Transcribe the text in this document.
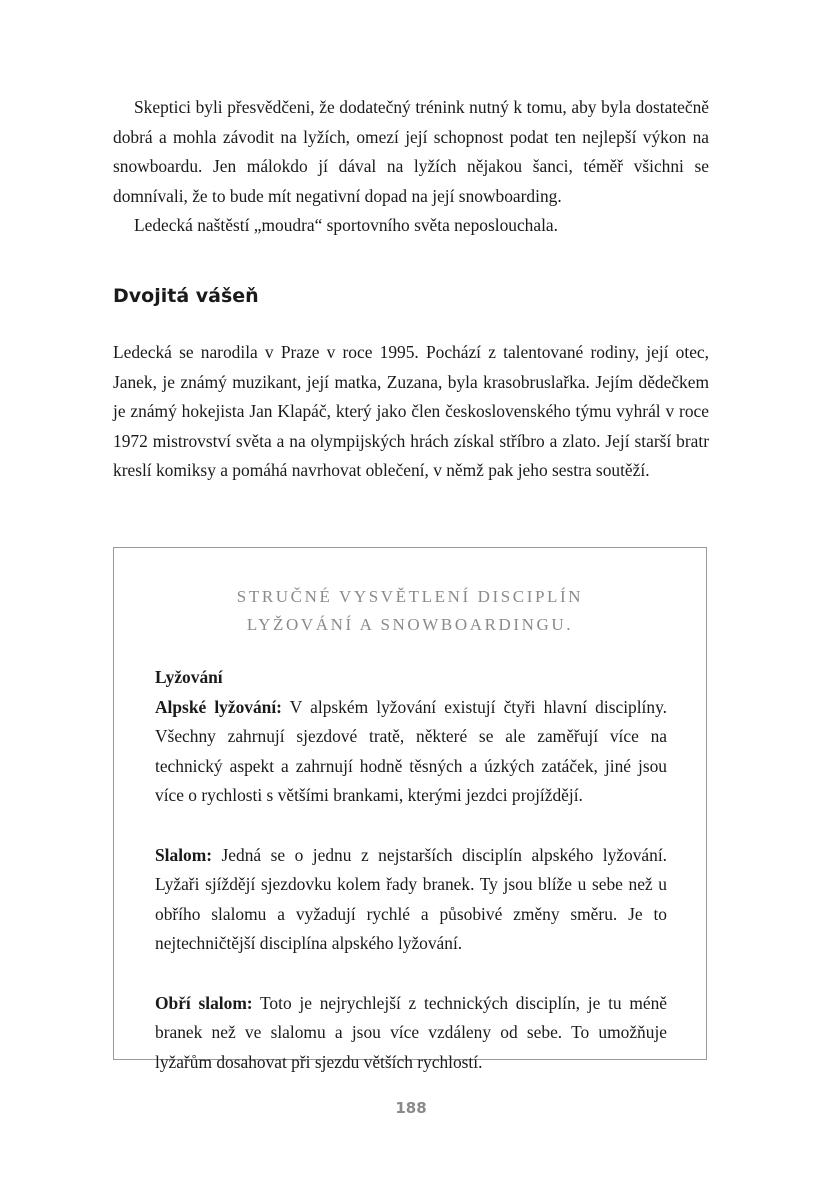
Skeptici byli přesvědčeni, že dodatečný trénink nutný k tomu, aby byla dostatečně dobrá a mohla závodit na lyžích, omezí její schopnost podat ten nejlepší výkon na snowboardu. Jen málokdo jí dával na lyžích nějakou šanci, téměř všichni se domnívali, že to bude mít negativní dopad na její snowboarding.

Ledecká naštěstí „moudra“ sportovního světa neposlouchala.

Dvojitá vášeň

Ledecká se narodila v Praze v roce 1995. Pochází z talentované rodiny, její otec, Janek, je známý muzikant, její matka, Zuzana, byla krasobruslařka. Jejím dědečkem je známý hokejista Jan Klapáč, který jako člen československého týmu vyhrál v roce 1972 mistrovství světa a na olympijských hrách získal stříbro a zlato. Její starší bratr kreslí komiksy a pomáhá navrhovat oblečení, v němž pak jeho sestra soutěží.

STRUČNÉ VYSVĚTLENÍ DISCIPLÍN
LYŽOVÁNÍ A SNOWBOARDINGU.

Lyžování

Alpské lyžování: V alpském lyžování existují čtyři hlavní disciplíny. Všechny zahrnují sjezdové tratě, některé se ale zaměřují více na technický aspekt a zahrnují hodně těsných a úzkých zatáček, jiné jsou více o rychlosti s většími brankami, kterými jezdci projíždějí.

Slalom: Jedná se o jednu z nejstarších disciplín alpského lyžování. Lyžaři sjíždějí sjezdovku kolem řady branek. Ty jsou blíže u sebe než u obřího slalomu a vyžadují rychlé a působivé změny směru. Je to nejtechničtější disciplína alpského lyžování.

Obří slalom: Toto je nejrychlejší z technických disciplín, je tu méně branek než ve slalomu a jsou více vzdáleny od sebe. To umožňuje lyžařům dosahovat při sjezdu větších rychlostí.

188
